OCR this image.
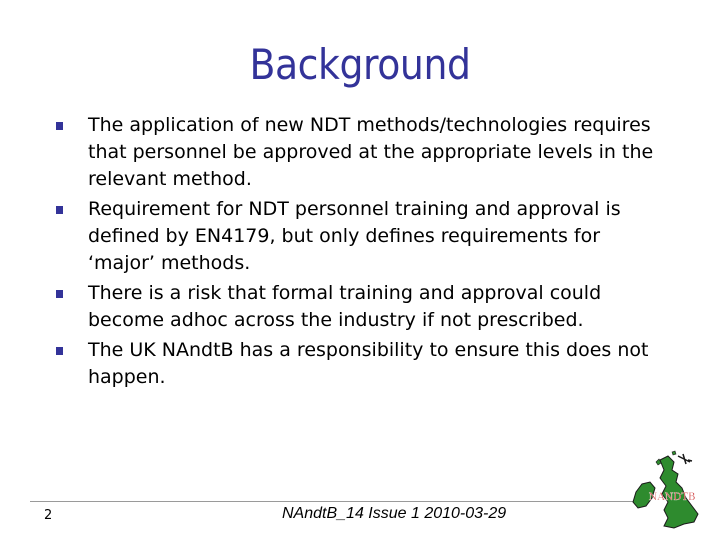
Background
The application of new NDT methods/technologies requires that personnel be approved at the appropriate levels in the relevant method.
Requirement for NDT personnel training and approval is defined by EN4179, but only defines requirements for ‘major’ methods.
There is a risk that formal training and approval could become adhoc across the industry if not prescribed.
The UK NAndtB has a responsibility to ensure this does not happen.
2	NAndtB_14 Issue 1 2010-03-29
NANDTB
